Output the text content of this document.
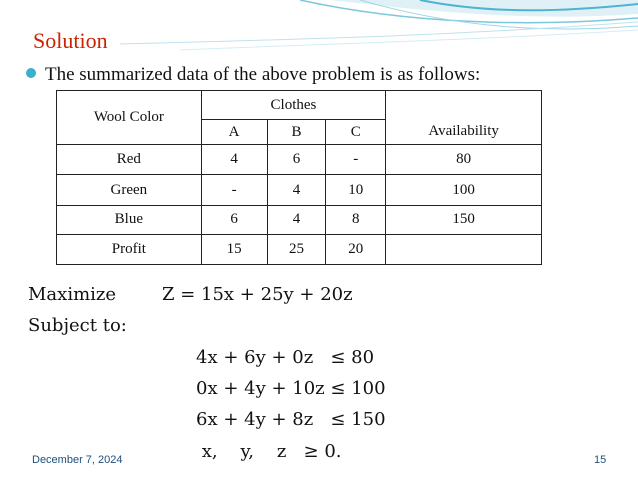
Solution
The summarized data of the above problem is as follows:
Wool Color	Clothes			
	A	B	C	Availability
Red	4	6	-	80
Green	-	4	10	100
Blue	6	4	8	150
Profit	15	25	20	
Maximize	Z = 15x + 25y + 20z
Subject to:
4x + 6y + 0z   ≤ 80
0x + 4y + 10z ≤ 100
6x + 4y + 8z   ≤ 150
x,    y,    z   ≥ 0.
December 7, 2024	15
